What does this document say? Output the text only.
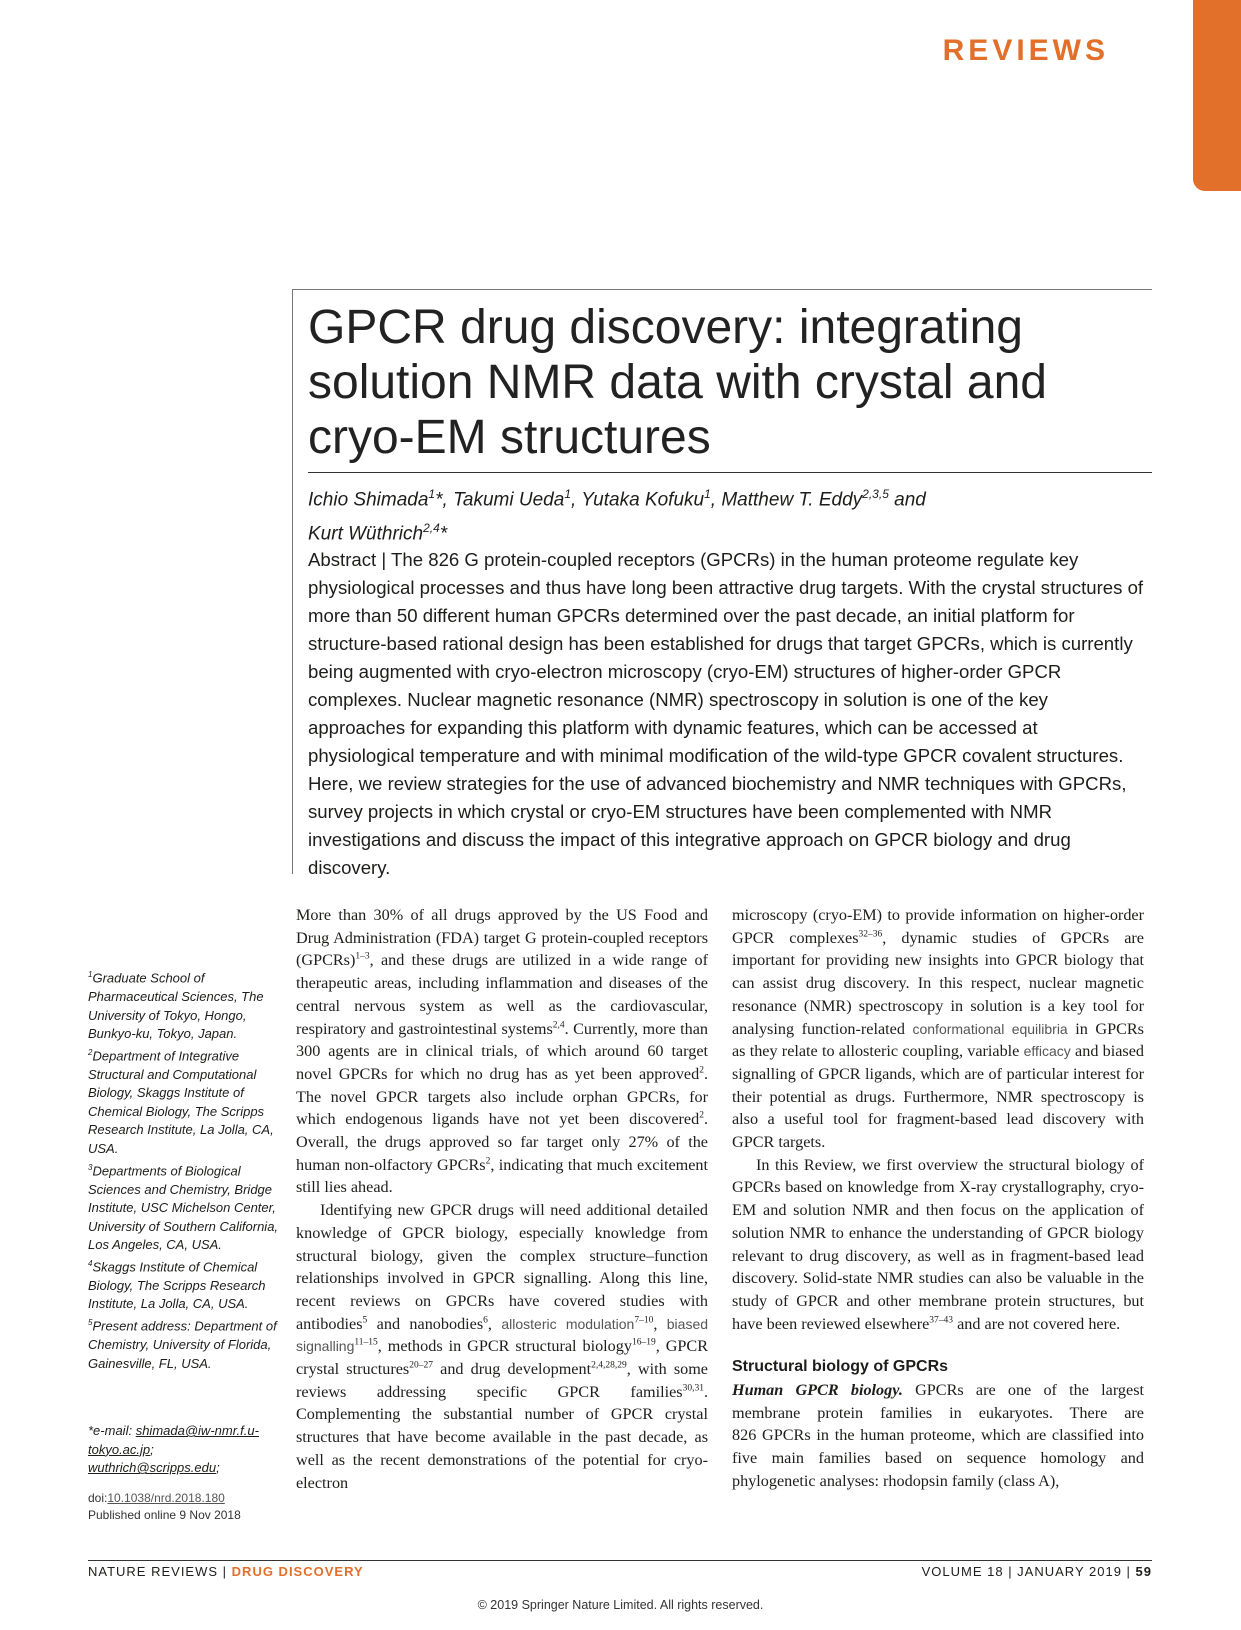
REVIEWS
GPCR drug discovery: integrating
solution NMR data with crystal and
cryo-EM structures
Ichio Shimada$^1$*, Takumi Ueda$^1$, Yutaka Kofuku$^1$, Matthew T. Eddy$^{2,3,5}$ and
Kurt Wüthrich$^{2,4}$*
Abstract | The 826 G protein-coupled receptors (GPCRs) in the human proteome regulate key physiological processes and thus have long been attractive drug targets. With the crystal structures of more than 50 different human GPCRs determined over the past decade, an initial platform for structure-based rational design has been established for drugs that target GPCRs, which is currently being augmented with cryo-electron microscopy (cryo-EM) structures of higher-order GPCR complexes. Nuclear magnetic resonance (NMR) spectroscopy in solution is one of the key approaches for expanding this platform with dynamic features, which can be accessed at physiological temperature and with minimal modification of the wild-type GPCR covalent structures. Here, we review strategies for the use of advanced biochemistry and NMR techniques with GPCRs, survey projects in which crystal or cryo-EM structures have been complemented with NMR investigations and discuss the impact of this integrative approach on GPCR biology and drug discovery.

$^1$Graduate School of Pharmaceutical Sciences, The University of Tokyo, Hongo, Bunkyo-ku, Tokyo, Japan.

$^2$Department of Integrative Structural and Computational Biology, Skaggs Institute of Chemical Biology, The Scripps Research Institute, La Jolla, CA, USA.

$^3$Departments of Biological Sciences and Chemistry, Bridge Institute, USC Michelson Center, University of Southern California, Los Angeles, CA, USA.

$^4$Skaggs Institute of Chemical Biology, The Scripps Research Institute, La Jolla, CA, USA.

$^5$Present address: Department of Chemistry, University of Florida, Gainesville, FL, USA.

*e-mail: shimada@iw-nmr.f.u-tokyo.ac.jp;
wuthrich@scripps.edu;
doi:10.1038/nrd.2018.180
Published online 9 Nov 2018

More than 30% of all drugs approved by the US Food and Drug Administration (FDA) target G protein-coupled receptors (GPCRs)$^{1-3}$, and these drugs are utilized in a wide range of therapeutic areas, including inflammation and diseases of the central nervous system as well as the cardiovascular, respiratory and gastrointestinal systems$^{2,4}$. Currently, more than 300 agents are in clinical trials, of which around 60 target novel GPCRs for which no drug has as yet been approved$^2$. The novel GPCR targets also include orphan GPCRs, for which endogenous ligands have not yet been discovered$^2$. Overall, the drugs approved so far target only 27% of the human non-olfactory GPCRs$^2$, indicating that much excitement still lies ahead.

Identifying new GPCR drugs will need additional detailed knowledge of GPCR biology, especially knowledge from structural biology, given the complex structure–function relationships involved in GPCR signalling. Along this line, recent reviews on GPCRs have covered studies with antibodies$^5$ and nanobodies$^6$, allosteric modulation$^{7-10}$, biased signalling$^{11-15}$, methods in GPCR structural biology$^{16-19}$, GPCR crystal structures$^{20-27}$ and drug development$^{2,4,28,29}$, with some reviews addressing specific GPCR families$^{30,31}$. Complementing the substantial number of GPCR crystal structures that have become available in the past decade, as well as the recent demonstrations of the potential for cryo-electron

microscopy (cryo-EM) to provide information on higher-order GPCR complexes$^{32-36}$, dynamic studies of GPCRs are important for providing new insights into GPCR biology that can assist drug discovery. In this respect, nuclear magnetic resonance (NMR) spectroscopy in solution is a key tool for analysing function-related conformational equilibria in GPCRs as they relate to allosteric coupling, variable efficacy and biased signalling of GPCR ligands, which are of particular interest for their potential as drugs. Furthermore, NMR spectroscopy is also a useful tool for fragment-based lead discovery with GPCR targets.

In this Review, we first overview the structural biology of GPCRs based on knowledge from X-ray crystallography, cryo-EM and solution NMR and then focus on the application of solution NMR to enhance the understanding of GPCR biology relevant to drug discovery, as well as in fragment-based lead discovery. Solid-state NMR studies can also be valuable in the study of GPCR and other membrane protein structures, but have been reviewed elsewhere$^{37-43}$ and are not covered here.

Structural biology of GPCRs

Human GPCR biology. GPCRs are one of the largest membrane protein families in eukaryotes. There are 826 GPCRs in the human proteome, which are classified into five main families based on sequence homology and phylogenetic analyses: rhodopsin family (class A),

NATURE REVIEWS | DRUG DISCOVERY	VOLUME 18 | JANUARY 2019 | 59
© 2019 Springer Nature Limited. All rights reserved.
